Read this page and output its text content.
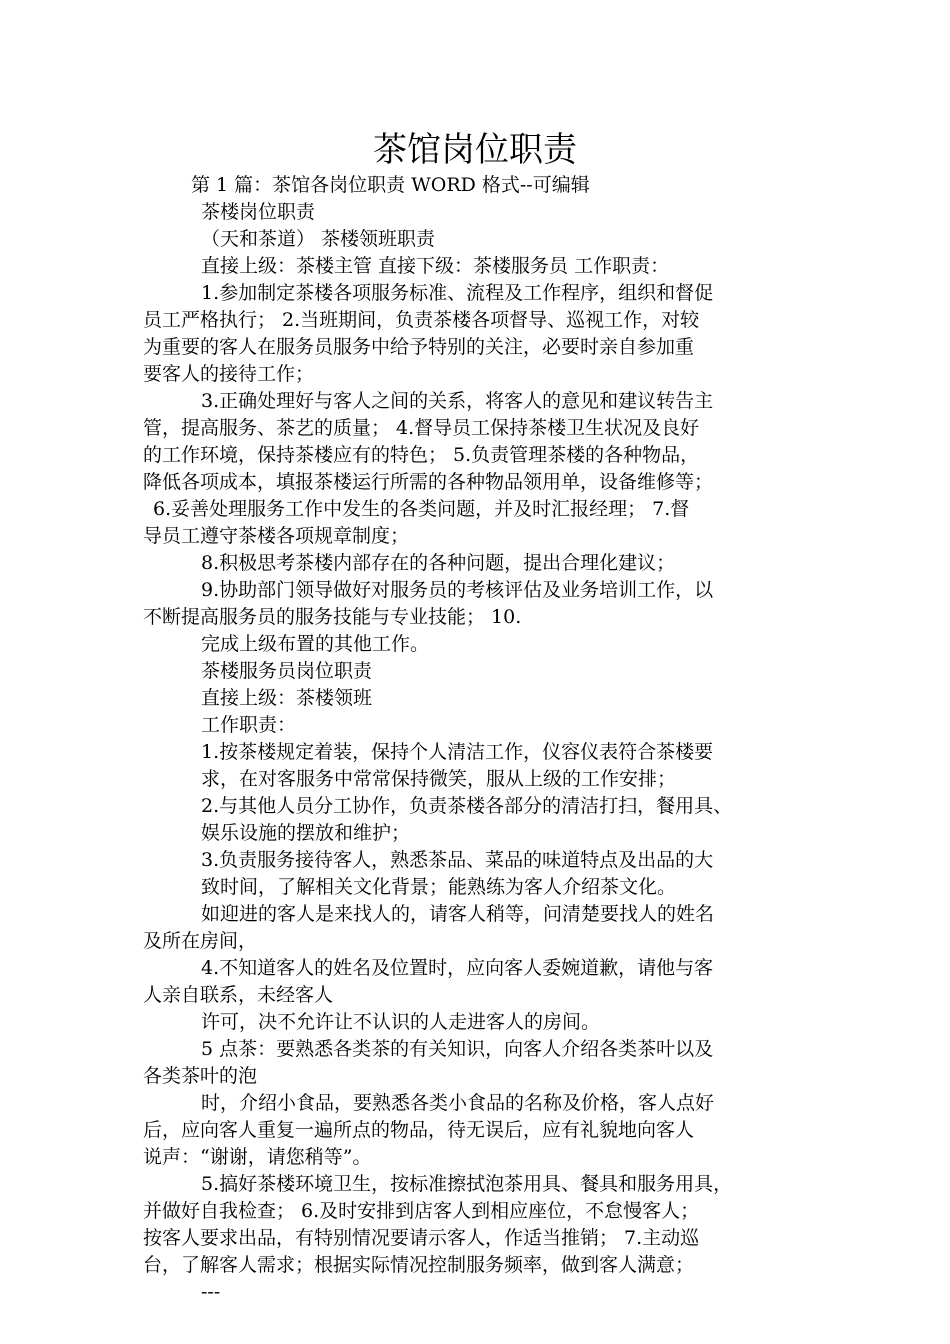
茶馆岗位职责
第 1 篇：茶馆各岗位职责 WORD 格式--可编辑
茶楼岗位职责
（天和茶道） 茶楼领班职责
直接上级：茶楼主管 直接下级：茶楼服务员 工作职责：
1.参加制定茶楼各项服务标准、流程及工作程序，组织和督促
员工严格执行； 2.当班期间，负责茶楼各项督导、巡视工作，对较
为重要的客人在服务员服务中给予特别的关注，必要时亲自参加重
要客人的接待工作；
3.正确处理好与客人之间的关系，将客人的意见和建议转告主
管，提高服务、茶艺的质量； 4.督导员工保持茶楼卫生状况及良好
的工作环境，保持茶楼应有的特色； 5.负责管理茶楼的各种物品，
降低各项成本，填报茶楼运行所需的各种物品领用单，设备维修等；
6.妥善处理服务工作中发生的各类问题，并及时汇报经理； 7.督
导员工遵守茶楼各项规章制度；
8.积极思考茶楼内部存在的各种问题，提出合理化建议；
9.协助部门领导做好对服务员的考核评估及业务培训工作，以
不断提高服务员的服务技能与专业技能； 10.
完成上级布置的其他工作。
茶楼服务员岗位职责
直接上级：茶楼领班
工作职责：
1.按茶楼规定着装，保持个人清洁工作，仪容仪表符合茶楼要
求，在对客服务中常常保持微笑，服从上级的工作安排；
2.与其他人员分工协作，负责茶楼各部分的清洁打扫，餐用具、
娱乐设施的摆放和维护；
3.负责服务接待客人，熟悉茶品、菜品的味道特点及出品的大
致时间，了解相关文化背景；能熟练为客人介绍茶文化。
如迎进的客人是来找人的，请客人稍等，问清楚要找人的姓名
及所在房间，
4.不知道客人的姓名及位置时，应向客人委婉道歉，请他与客
人亲自联系，未经客人
许可，决不允许让不认识的人走进客人的房间。
5 点茶：要熟悉各类茶的有关知识，向客人介绍各类茶叶以及
各类茶叶的泡
时，介绍小食品，要熟悉各类小食品的名称及价格，客人点好
后，应向客人重复一遍所点的物品，待无误后，应有礼貌地向客人
说声：“谢谢，请您稍等”。
5.搞好茶楼环境卫生，按标准擦拭泡茶用具、餐具和服务用具，
并做好自我检查； 6.及时安排到店客人到相应座位，不怠慢客人；
按客人要求出品，有特别情况要请示客人，作适当推销； 7.主动巡
台，了解客人需求；根据实际情况控制服务频率，做到客人满意；
---
